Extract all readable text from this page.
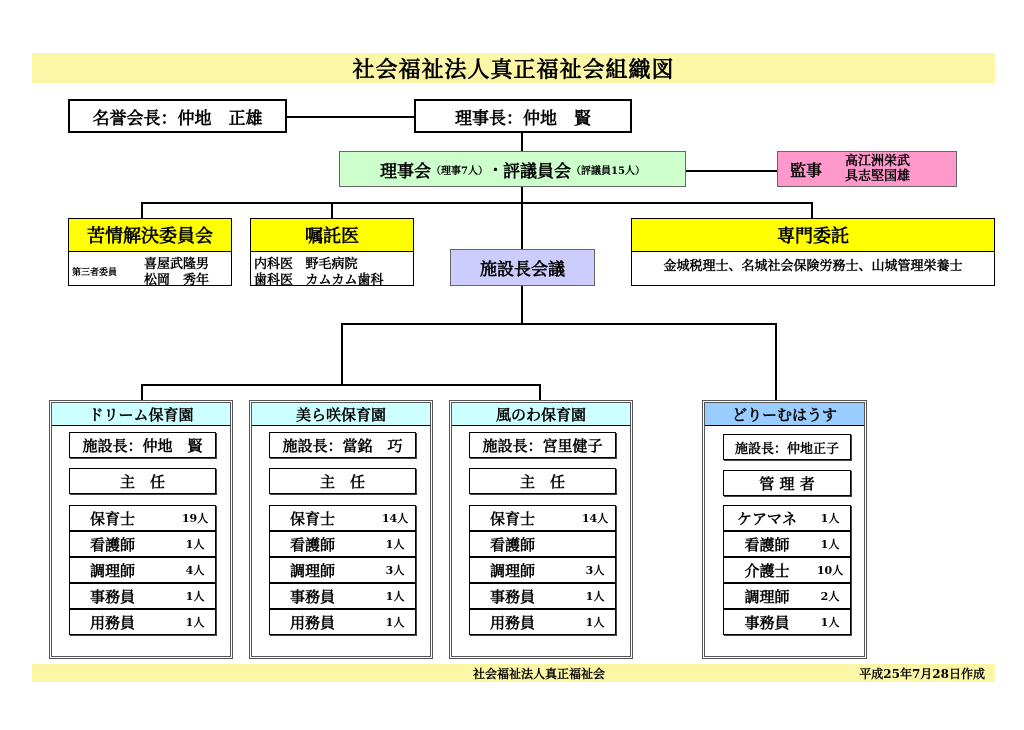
社会福祉法人真正福祉会組織図
名誉会長：仲地　正雄	理事長：仲地　賢
理事会 （理事7人） ・ 評議員会 （評議員15人）	監事	高江洲栄武
具志堅国雄
苦情解決委員会
第三者委員
喜屋武隆男
松岡　秀年
嘱託医
内科医 野毛病院
歯科医 カムカム歯科
施設長会議
専門委託
金城税理士、名城社会保険労務士、山城管理栄養士
ドリーム保育園
施設長：仲地　賢
主　任
保育士	19人
看護師	1人
調理師	4人
事務員	1人
用務員	1人
美ら咲保育園
施設長：當銘　巧
主　任
保育士	14人
看護師	1人
調理師	3人
事務員	1人
用務員	1人
風のわ保育園
施設長：宮里健子
主　任
保育士	14人
看護師
調理師	3人
事務員	1人
用務員	1人
どりーむはうす
施設長：仲地正子
管 理 者
ケアマネ	1人
看護師	1人
介護士	10人
調理師	2人
事務員	1人
社会福祉法人真正福祉会	平成25年7月28日作成
